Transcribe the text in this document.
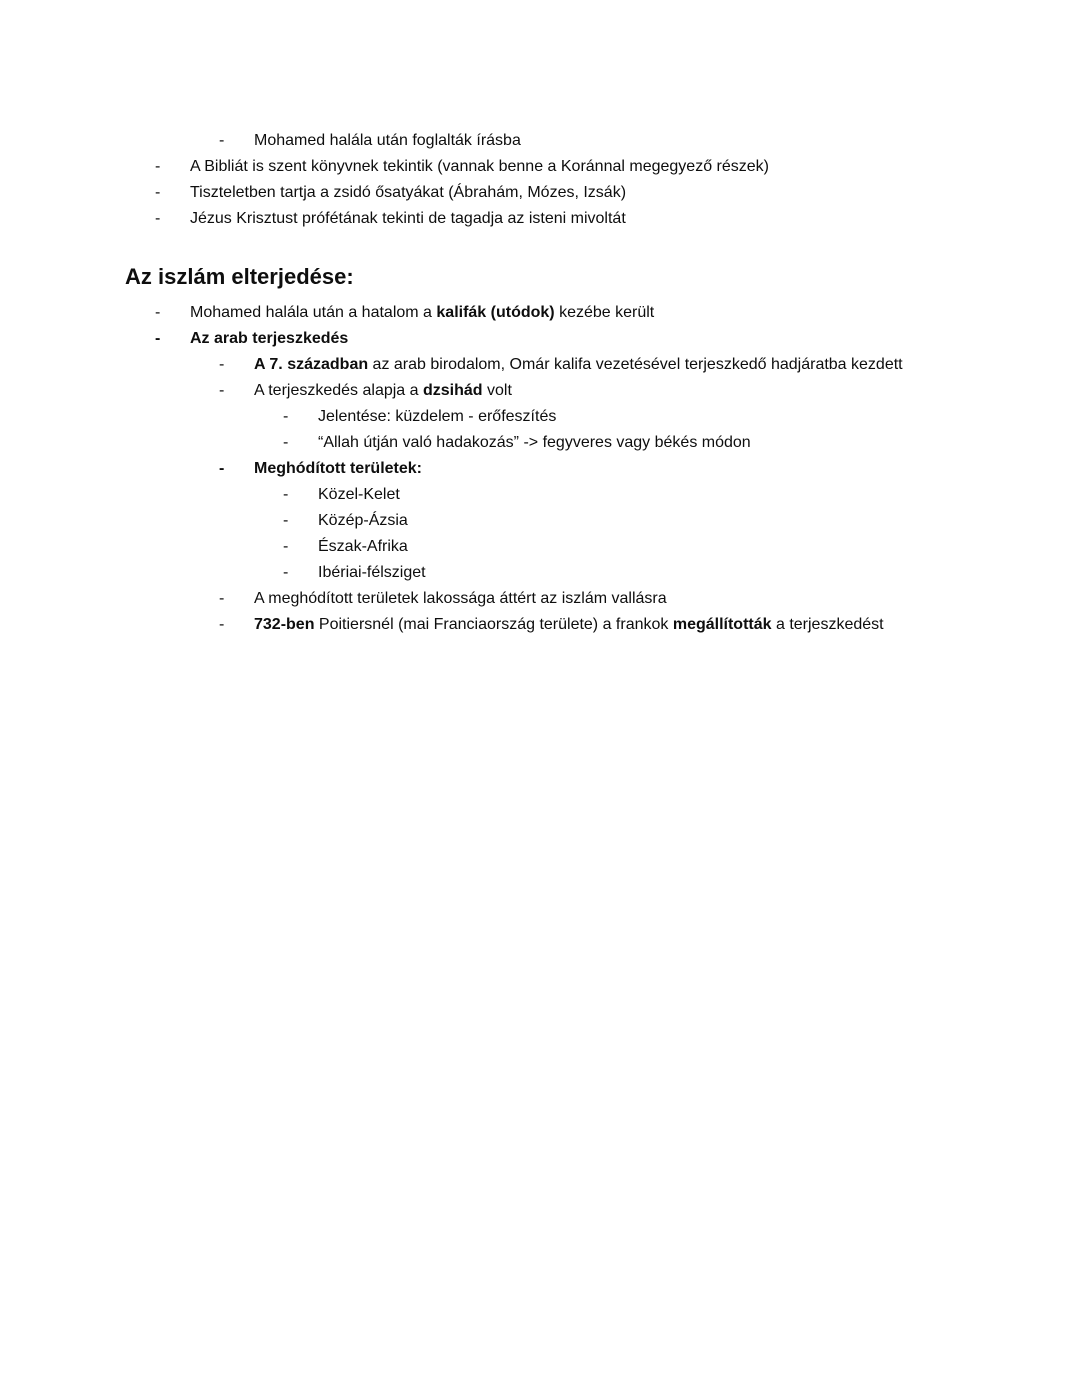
-	Mohamed halála után foglalták írásba
-	A Bibliát is szent könyvnek tekintik (vannak benne a Koránnal megegyező részek)
-	Tiszteletben tartja a zsidó ősatyákat (Ábrahám, Mózes, Izsák)
-	Jézus Krisztust prófétának tekinti de tagadja az isteni mivoltát
Az iszlám elterjedése:
-	Mohamed halála után a hatalom a kalifák (utódok) kezébe került
-	Az arab terjeszkedés
-	A 7. században az arab birodalom, Omár kalifa vezetésével terjeszkedő hadjáratba kezdett
-	A terjeszkedés alapja a dzsihád volt
-	Jelentése: küzdelem - erőfeszítés
-	“Allah útján való hadakozás” -> fegyveres vagy békés módon
-	Meghódított területek:
-	Közel-Kelet
-	Közép-Ázsia
-	Észak-Afrika
-	Ibériai-félsziget
-	A meghódított területek lakossága áttért az iszlám vallásra
-	732-ben Poitiersnél (mai Franciaország területe) a frankok megállították a terjeszkedést
